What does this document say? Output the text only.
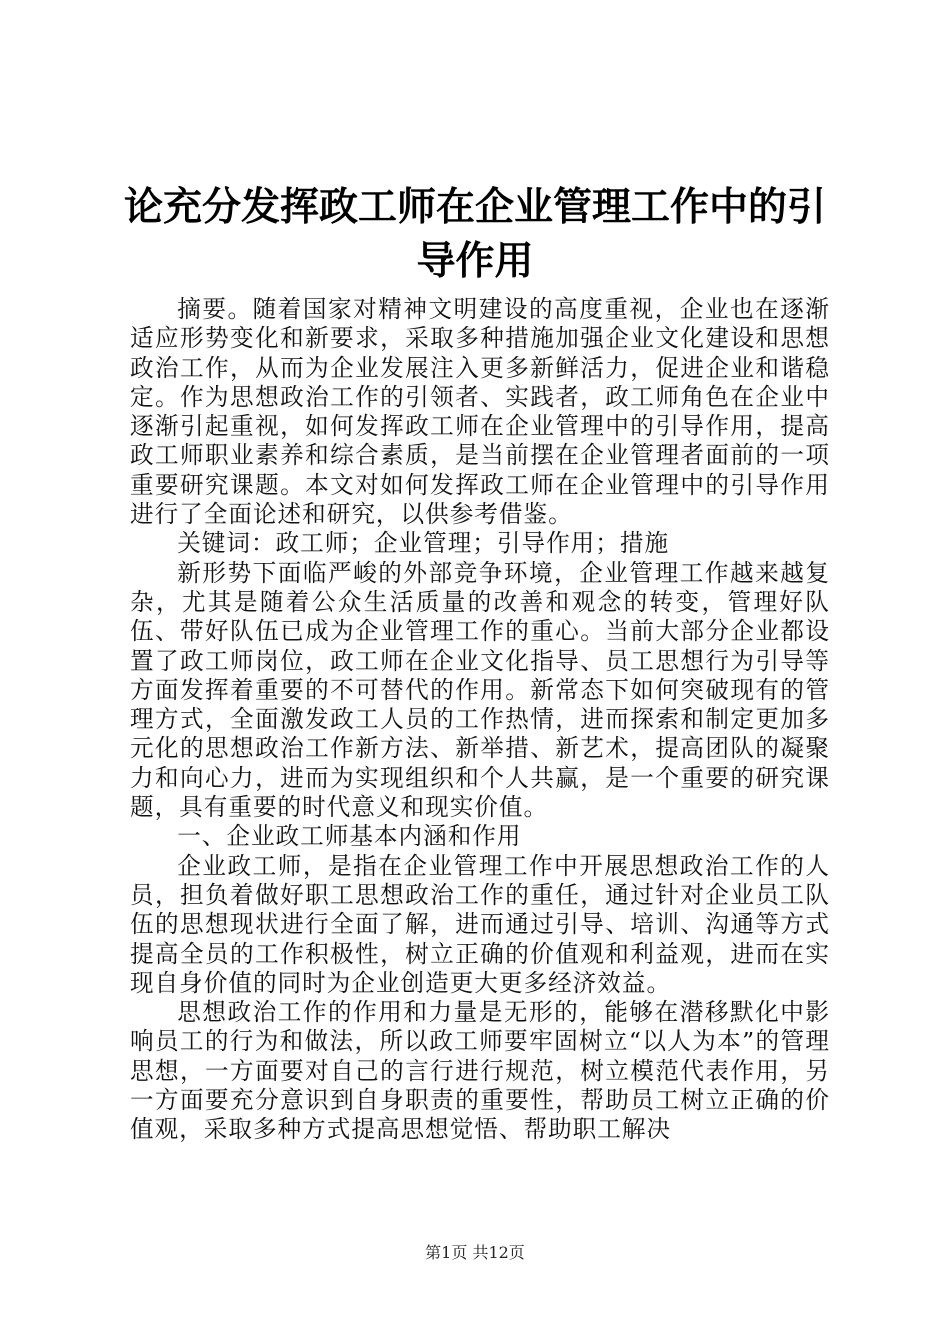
论充分发挥政工师在企业管理工作中的引导作用

摘要。随着国家对精神文明建设的高度重视，企业也在逐渐适应形势变化和新要求，采取多种措施加强企业文化建设和思想政治工作，从而为企业发展注入更多新鲜活力，促进企业和谐稳定。作为思想政治工作的引领者、实践者，政工师角色在企业中逐渐引起重视，如何发挥政工师在企业管理中的引导作用，提高政工师职业素养和综合素质，是当前摆在企业管理者面前的一项重要研究课题。本文对如何发挥政工师在企业管理中的引导作用进行了全面论述和研究，以供参考借鉴。

关键词：政工师；企业管理；引导作用；措施

新形势下面临严峻的外部竞争环境，企业管理工作越来越复杂，尤其是随着公众生活质量的改善和观念的转变，管理好队伍、带好队伍已成为企业管理工作的重心。当前大部分企业都设置了政工师岗位，政工师在企业文化指导、员工思想行为引导等方面发挥着重要的不可替代的作用。新常态下如何突破现有的管理方式，全面激发政工人员的工作热情，进而探索和制定更加多元化的思想政治工作新方法、新举措、新艺术，提高团队的凝聚力和向心力，进而为实现组织和个人共赢，是一个重要的研究课题，具有重要的时代意义和现实价值。

一、企业政工师基本内涵和作用

企业政工师，是指在企业管理工作中开展思想政治工作的人员，担负着做好职工思想政治工作的重任，通过针对企业员工队伍的思想现状进行全面了解，进而通过引导、培训、沟通等方式提高全员的工作积极性，树立正确的价值观和利益观，进而在实现自身价值的同时为企业创造更大更多经济效益。

思想政治工作的作用和力量是无形的，能够在潜移默化中影响员工的行为和做法，所以政工师要牢固树立“以人为本”的管理思想，一方面要对自己的言行进行规范，树立模范代表作用，另一方面要充分意识到自身职责的重要性，帮助员工树立正确的价值观，采取多种方式提高思想觉悟、帮助职工解决

第1页 共12页
